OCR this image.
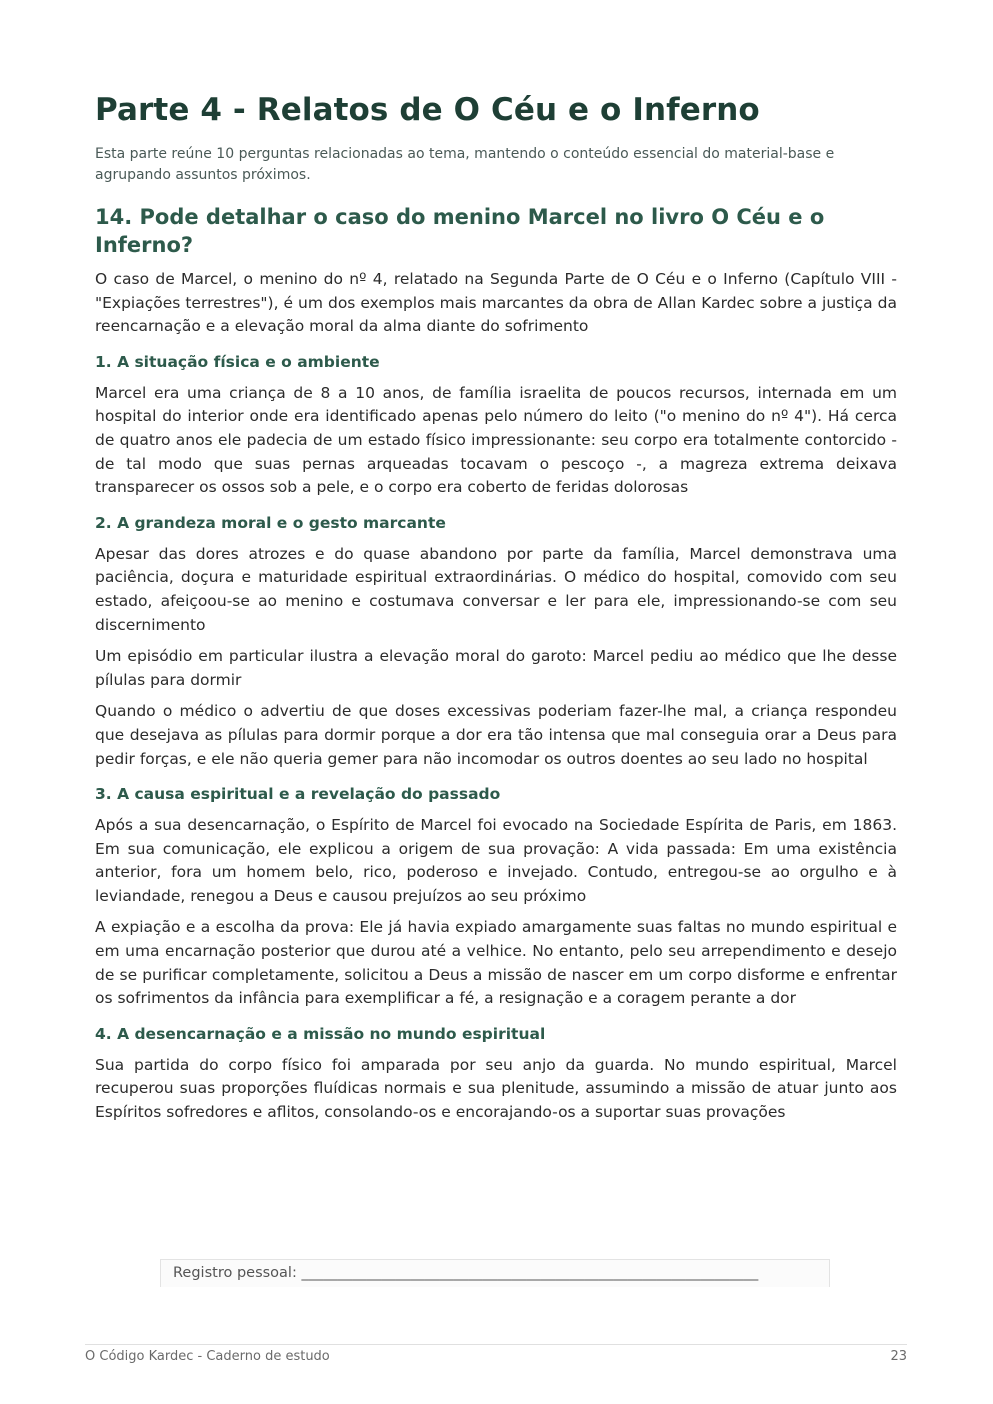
Parte 4 - Relatos de O Céu e o Inferno

Esta parte reúne 10 perguntas relacionadas ao tema, mantendo o conteúdo essencial do material-base e agrupando assuntos próximos.

14. Pode detalhar o caso do menino Marcel no livro O Céu e o Inferno?

O caso de Marcel, o menino do nº 4, relatado na Segunda Parte de O Céu e o Inferno (Capítulo VIII - "Expiações terrestres"), é um dos exemplos mais marcantes da obra de Allan Kardec sobre a justiça da reencarnação e a elevação moral da alma diante do sofrimento

1. A situação física e o ambiente

Marcel era uma criança de 8 a 10 anos, de família israelita de poucos recursos, internada em um hospital do interior onde era identificado apenas pelo número do leito ("o menino do nº 4"). Há cerca de quatro anos ele padecia de um estado físico impressionante: seu corpo era totalmente contorcido - de tal modo que suas pernas arqueadas tocavam o pescoço -, a magreza extrema deixava transparecer os ossos sob a pele, e o corpo era coberto de feridas dolorosas

2. A grandeza moral e o gesto marcante

Apesar das dores atrozes e do quase abandono por parte da família, Marcel demonstrava uma paciência, doçura e maturidade espiritual extraordinárias. O médico do hospital, comovido com seu estado, afeiçoou-se ao menino e costumava conversar e ler para ele, impressionando-se com seu discernimento

Um episódio em particular ilustra a elevação moral do garoto: Marcel pediu ao médico que lhe desse pílulas para dormir

Quando o médico o advertiu de que doses excessivas poderiam fazer-lhe mal, a criança respondeu que desejava as pílulas para dormir porque a dor era tão intensa que mal conseguia orar a Deus para pedir forças, e ele não queria gemer para não incomodar os outros doentes ao seu lado no hospital

3. A causa espiritual e a revelação do passado

Após a sua desencarnação, o Espírito de Marcel foi evocado na Sociedade Espírita de Paris, em 1863. Em sua comunicação, ele explicou a origem de sua provação: A vida passada: Em uma existência anterior, fora um homem belo, rico, poderoso e invejado. Contudo, entregou-se ao orgulho e à leviandade, renegou a Deus e causou prejuízos ao seu próximo

A expiação e a escolha da prova: Ele já havia expiado amargamente suas faltas no mundo espiritual e em uma encarnação posterior que durou até a velhice. No entanto, pelo seu arrependimento e desejo de se purificar completamente, solicitou a Deus a missão de nascer em um corpo disforme e enfrentar os sofrimentos da infância para exemplificar a fé, a resignação e a coragem perante a dor

4. A desencarnação e a missão no mundo espiritual

Sua partida do corpo físico foi amparada por seu anjo da guarda. No mundo espiritual, Marcel recuperou suas proporções fluídicas normais e sua plenitude, assumindo a missão de atuar junto aos Espíritos sofredores e aflitos, consolando-os e encorajando-os a suportar suas provações

Registro pessoal: _______________________________________________________________
O Código Kardec - Caderno de estudo	23
